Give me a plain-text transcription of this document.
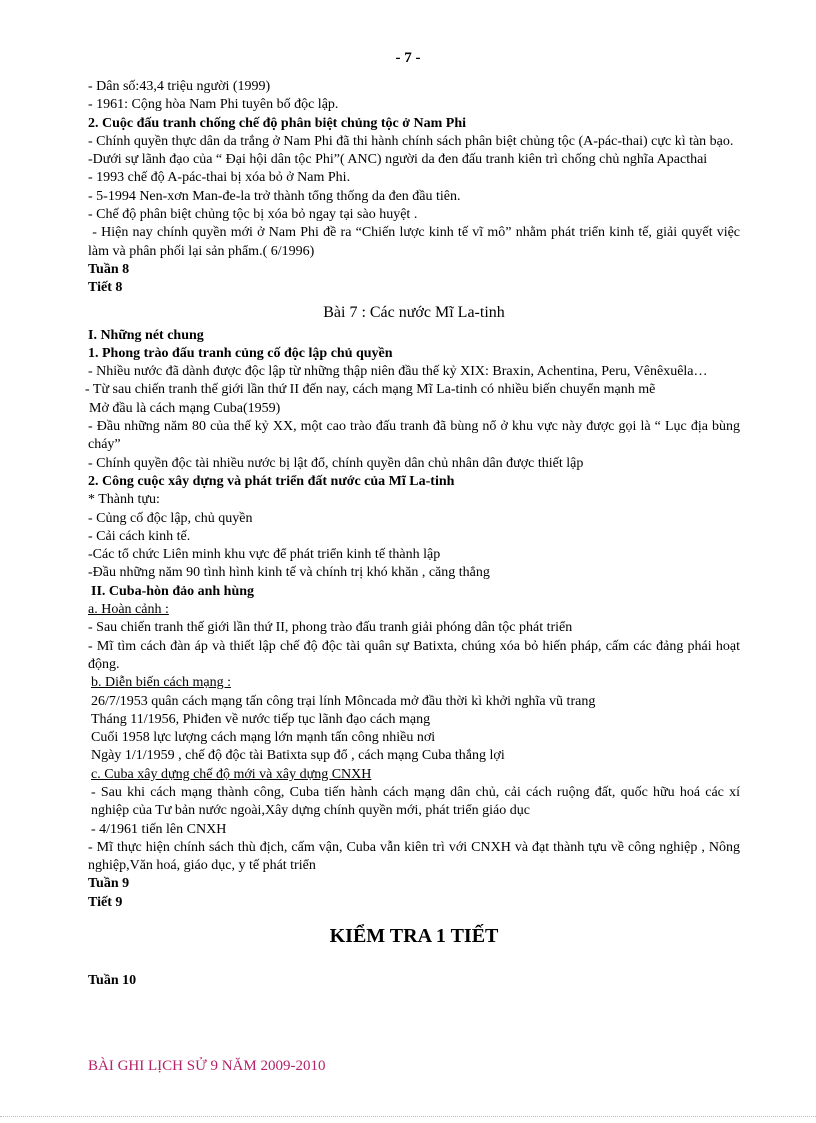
- 7 -
- Dân số:43,4 triệu người (1999)
- 1961: Cộng hòa Nam Phi tuyên bố độc lập.
2. Cuộc đấu tranh chống chế độ phân biệt chủng tộc ở Nam Phi
- Chính quyền thực dân da trắng ở Nam Phi đã thi hành chính sách phân biệt chủng tộc (A-pác-thai) cực kì tàn bạo.
-Dưới sự lãnh đạo của “ Đại hội dân tộc Phi”( ANC) người da đen đấu tranh kiên trì chống chủ nghĩa Apacthai
- 1993 chế độ A-pác-thai bị xóa bỏ ở Nam Phi.
- 5-1994 Nen-xơn Man-đe-la trở thành tổng thống da đen đầu tiên.
- Chế độ phân biệt chủng tộc bị xóa bỏ ngay tại sào huyệt .
- Hiện nay chính quyền mới ở Nam Phi đề ra “Chiến lược kinh tế vĩ mô” nhằm phát triển kinh tế, giải quyết việc làm và phân phối lại sản phẩm.( 6/1996)
Tuần 8
Tiết 8
Bài 7 : Các nước Mĩ La-tinh
I. Những nét chung
1. Phong trào đấu tranh củng cố độc lập chủ quyền
- Nhiều nước đã dành được độc lập từ những thập niên đầu thế kỷ XIX: Braxin, Achentina, Peru, Vênêxuêla…
- Từ sau chiến tranh thế giới lần thứ II đến nay, cách mạng Mĩ La-tinh có nhiều biến chuyển mạnh mẽ
Mở đầu là cách mạng Cuba(1959)
- Đầu những năm 80 của thế kỷ XX, một cao trào đấu tranh đã bùng nổ ở khu vực này được gọi là “ Lục địa bùng cháy”
- Chính quyền độc tài nhiều nước bị lật đổ, chính quyền dân chủ nhân dân được thiết lập
2. Công cuộc xây dựng và phát triển đất nước của Mĩ La-tinh
* Thành tựu:
- Củng cố độc lập, chủ quyền
- Cải cách kinh tế.
-Các tổ chức Liên minh khu vực để phát triển kinh tế thành lập
-Đầu những năm 90 tình hình kinh tế và chính trị khó khăn , căng thẳng
II. Cuba-hòn đảo anh hùng
a. Hoàn cảnh :
- Sau chiến tranh thế giới lần thứ II, phong trào đấu tranh giải phóng dân tộc phát triển
- Mĩ tìm cách đàn áp và thiết lập chế độ độc tài quân sự Batixta, chúng xóa bỏ hiến pháp, cấm các đảng phái hoạt động.
b. Diễn biến cách mạng :
26/7/1953 quân cách mạng tấn công trại lính Môncada mở đầu thời kì khởi nghĩa vũ trang
Tháng 11/1956, Phiđen về nước tiếp tục lãnh đạo cách mạng
Cuối 1958 lực lượng cách mạng lớn mạnh tấn công nhiều nơi
Ngày 1/1/1959 , chế độ độc tài Batixta sụp đổ , cách mạng Cuba thắng lợi
c. Cuba xây dựng chế độ mới và xây dựng CNXH
- Sau khi cách mạng thành công, Cuba tiến hành cách mạng dân chủ, cải cách ruộng đất, quốc hữu hoá các xí nghiệp của Tư bản nước ngoài,Xây dựng chính quyền mới, phát triển giáo dục
- 4/1961 tiến lên CNXH
- Mĩ thực hiện chính sách thù địch, cấm vận, Cuba vẫn kiên trì với CNXH và đạt thành tựu về công nghiệp , Nông nghiệp,Văn hoá, giáo dục, y tế phát triển
Tuần 9
Tiết 9
KIỂM TRA 1 TIẾT
Tuần 10
BÀI GHI LỊCH SỬ 9 NĂM 2009-2010
